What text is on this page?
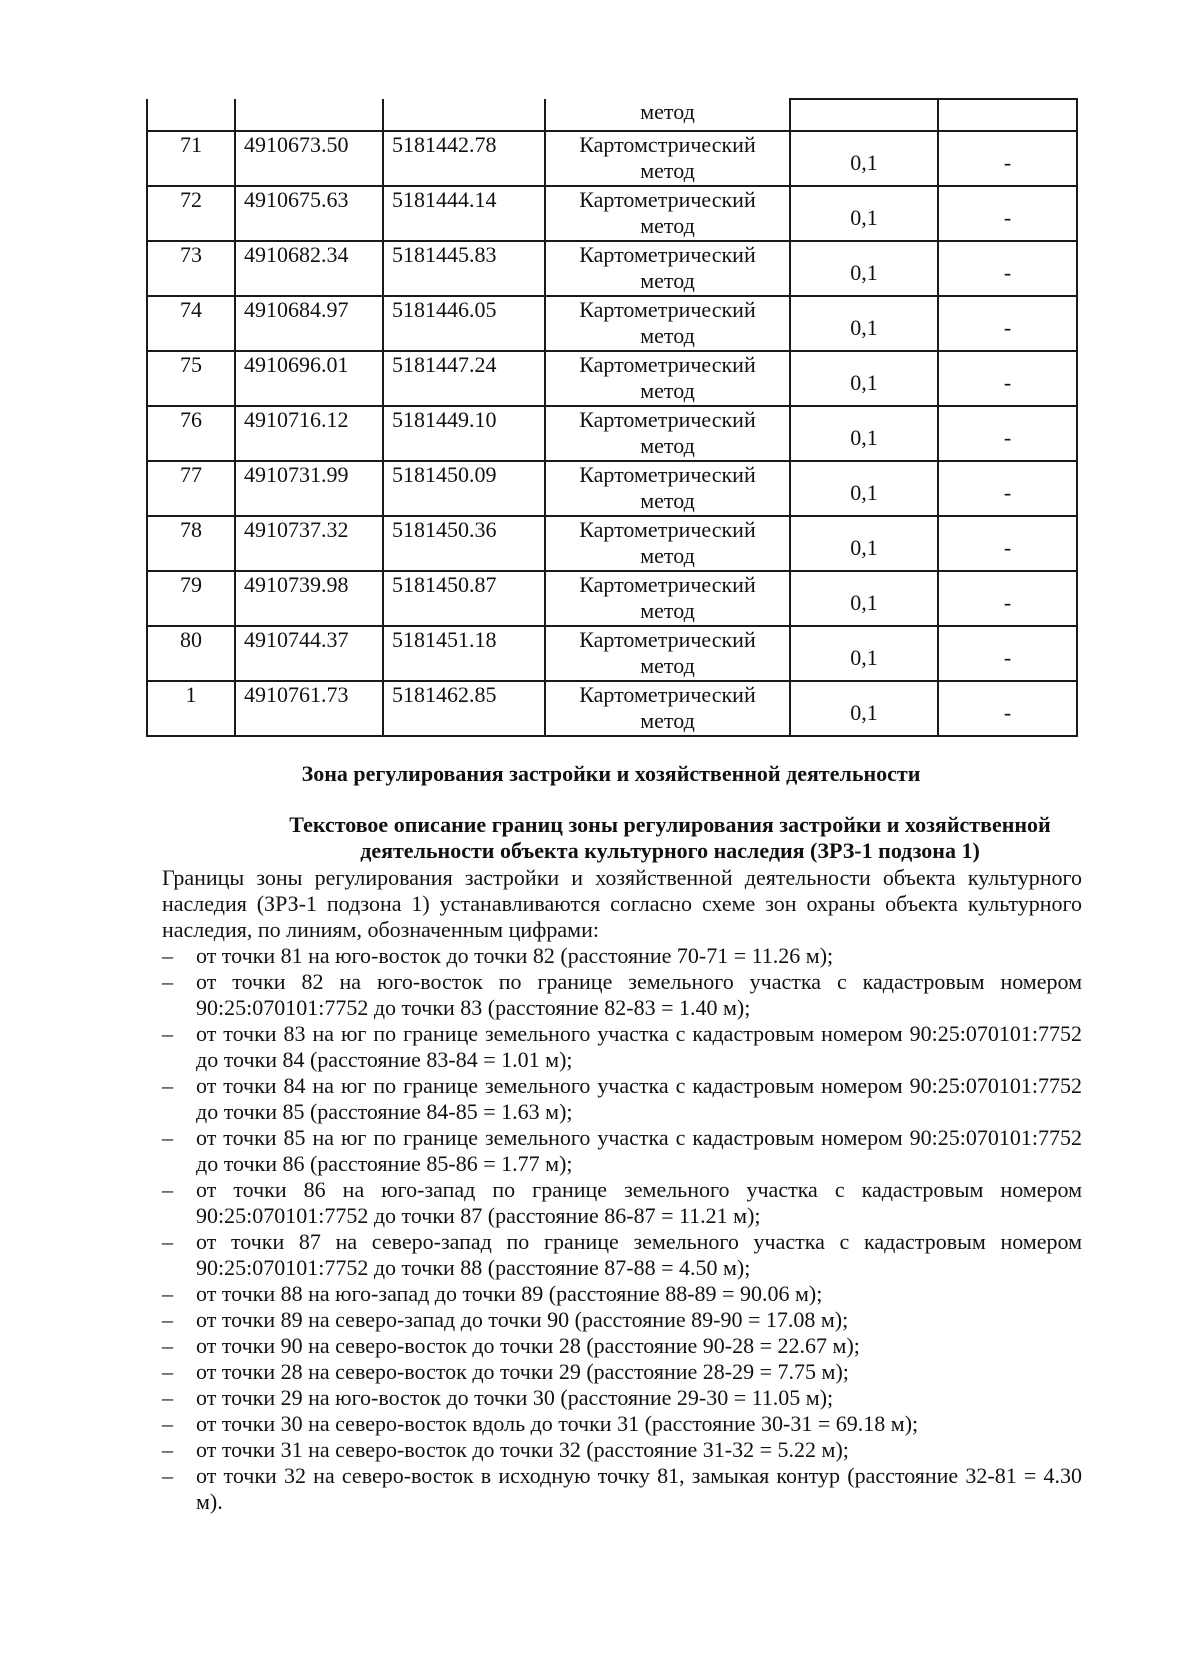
			метод		
71	4910673.50	5181442.78	Картомстрический
метод	0,1	-
72	4910675.63	5181444.14	Картометрический
метод	0,1	-
73	4910682.34	5181445.83	Картометрический
метод	0,1	-
74	4910684.97	5181446.05	Картометрический
метод	0,1	-
75	4910696.01	5181447.24	Картометрический
метод	0,1	-
76	4910716.12	5181449.10	Картометрический
метод	0,1	-
77	4910731.99	5181450.09	Картометрический
метод	0,1	-
78	4910737.32	5181450.36	Картометрический
метод	0,1	-
79	4910739.98	5181450.87	Картометрический
метод	0,1	-
80	4910744.37	5181451.18	Картометрический
метод	0,1	-
1	4910761.73	5181462.85	Картометрический
метод	0,1	-
Зона регулирования застройки и хозяйственной деятельности
Текстовое описание границ зоны регулирования застройки и хозяйственной
деятельности объекта культурного наследия (ЗРЗ-1 подзона 1)

Границы зоны регулирования застройки и хозяйственной деятельности объекта культурного наследия (ЗРЗ-1 подзона 1) устанавливаются согласно схеме зон охраны объекта культурного наследия, по линиям, обозначенным цифрами:

– от точки 81 на юго-восток до точки 82 (расстояние 70-71 = 11.26 м);
– от точки 82 на юго-восток по границе земельного участка с кадастровым номером 90:25:070101:7752 до точки 83 (расстояние 82-83 = 1.40 м);
– от точки 83 на юг по границе земельного участка с кадастровым номером 90:25:070101:7752 до точки 84 (расстояние 83-84 = 1.01 м);
– от точки 84 на юг по границе земельного участка с кадастровым номером 90:25:070101:7752 до точки 85 (расстояние 84-85 = 1.63 м);
– от точки 85 на юг по границе земельного участка с кадастровым номером 90:25:070101:7752 до точки 86 (расстояние 85-86 = 1.77 м);
– от точки 86 на юго-запад по границе земельного участка с кадастровым номером 90:25:070101:7752 до точки 87 (расстояние 86-87 = 11.21 м);
– от точки 87 на северо-запад по границе земельного участка с кадастровым номером 90:25:070101:7752 до точки 88 (расстояние 87-88 = 4.50 м);
– от точки 88 на юго-запад до точки 89 (расстояние 88-89 = 90.06 м);
– от точки 89 на северо-запад до точки 90 (расстояние 89-90 = 17.08 м);
– от точки 90 на северо-восток до точки 28 (расстояние 90-28 = 22.67 м);
– от точки 28 на северо-восток до точки 29 (расстояние 28-29 = 7.75 м);
– от точки 29 на юго-восток до точки 30 (расстояние 29-30 = 11.05 м);
– от точки 30 на северо-восток вдоль до точки 31 (расстояние 30-31 = 69.18 м);
– от точки 31 на северо-восток до точки 32 (расстояние 31-32 = 5.22 м);
– от точки 32 на северо-восток в исходную точку 81, замыкая контур (расстояние 32-81 = 4.30 м).
